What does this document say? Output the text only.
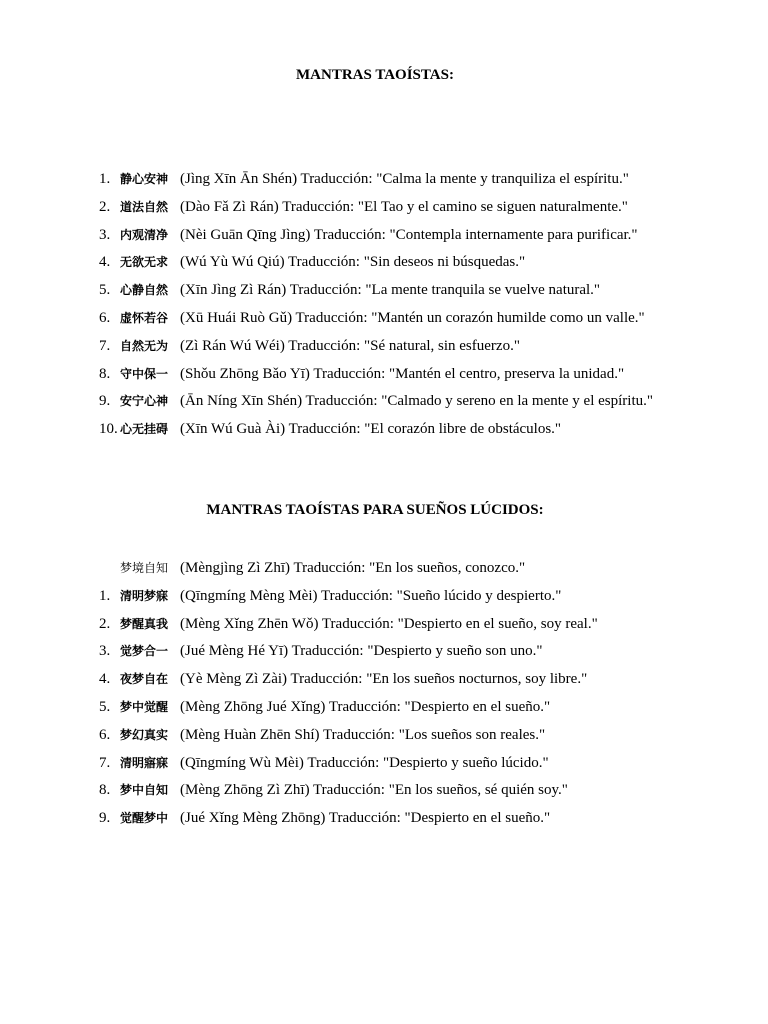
MANTRAS TAOÍSTAS:
1. 静心安神 (Jìng Xīn Ān Shén) Traducción: "Calma la mente y tranquiliza el espíritu."
2. 道法自然 (Dào Fǎ Zì Rán) Traducción: "El Tao y el camino se siguen naturalmente."
3. 内观清净 (Nèi Guān Qīng Jìng) Traducción: "Contempla internamente para purificar."
4. 无欲无求 (Wú Yù Wú Qiú) Traducción: "Sin deseos ni búsquedas."
5. 心静自然 (Xīn Jìng Zì Rán) Traducción: "La mente tranquila se vuelve natural."
6. 虚怀若谷 (Xū Huái Ruò Gǔ) Traducción: "Mantén un corazón humilde como un valle."
7. 自然无为 (Zì Rán Wú Wéi) Traducción: "Sé natural, sin esfuerzo."
8. 守中保一 (Shǒu Zhōng Bǎo Yī) Traducción: "Mantén el centro, preserva la unidad."
9. 安宁心神 (Ān Níng Xīn Shén) Traducción: "Calmado y sereno en la mente y el espíritu."
10. 心无挂碍 (Xīn Wú Guà Ài) Traducción: "El corazón libre de obstáculos."
MANTRAS TAOÍSTAS PARA SUEÑOS LÚCIDOS:
梦境自知 (Mèngjìng Zì Zhī) Traducción: "En los sueños, conozco."
1. 清明梦寐 (Qīngmíng Mèng Mèi) Traducción: "Sueño lúcido y despierto."
2. 梦醒真我 (Mèng Xǐng Zhēn Wǒ) Traducción: "Despierto en el sueño, soy real."
3. 觉梦合一 (Jué Mèng Hé Yī) Traducción: "Despierto y sueño son uno."
4. 夜梦自在 (Yè Mèng Zì Zài) Traducción: "En los sueños nocturnos, soy libre."
5. 梦中觉醒 (Mèng Zhōng Jué Xǐng) Traducción: "Despierto en el sueño."
6. 梦幻真实 (Mèng Huàn Zhēn Shí) Traducción: "Los sueños son reales."
7. 清明寤寐 (Qīngmíng Wù Mèi) Traducción: "Despierto y sueño lúcido."
8. 梦中自知 (Mèng Zhōng Zì Zhī) Traducción: "En los sueños, sé quién soy."
9. 觉醒梦中 (Jué Xǐng Mèng Zhōng) Traducción: "Despierto en el sueño."
